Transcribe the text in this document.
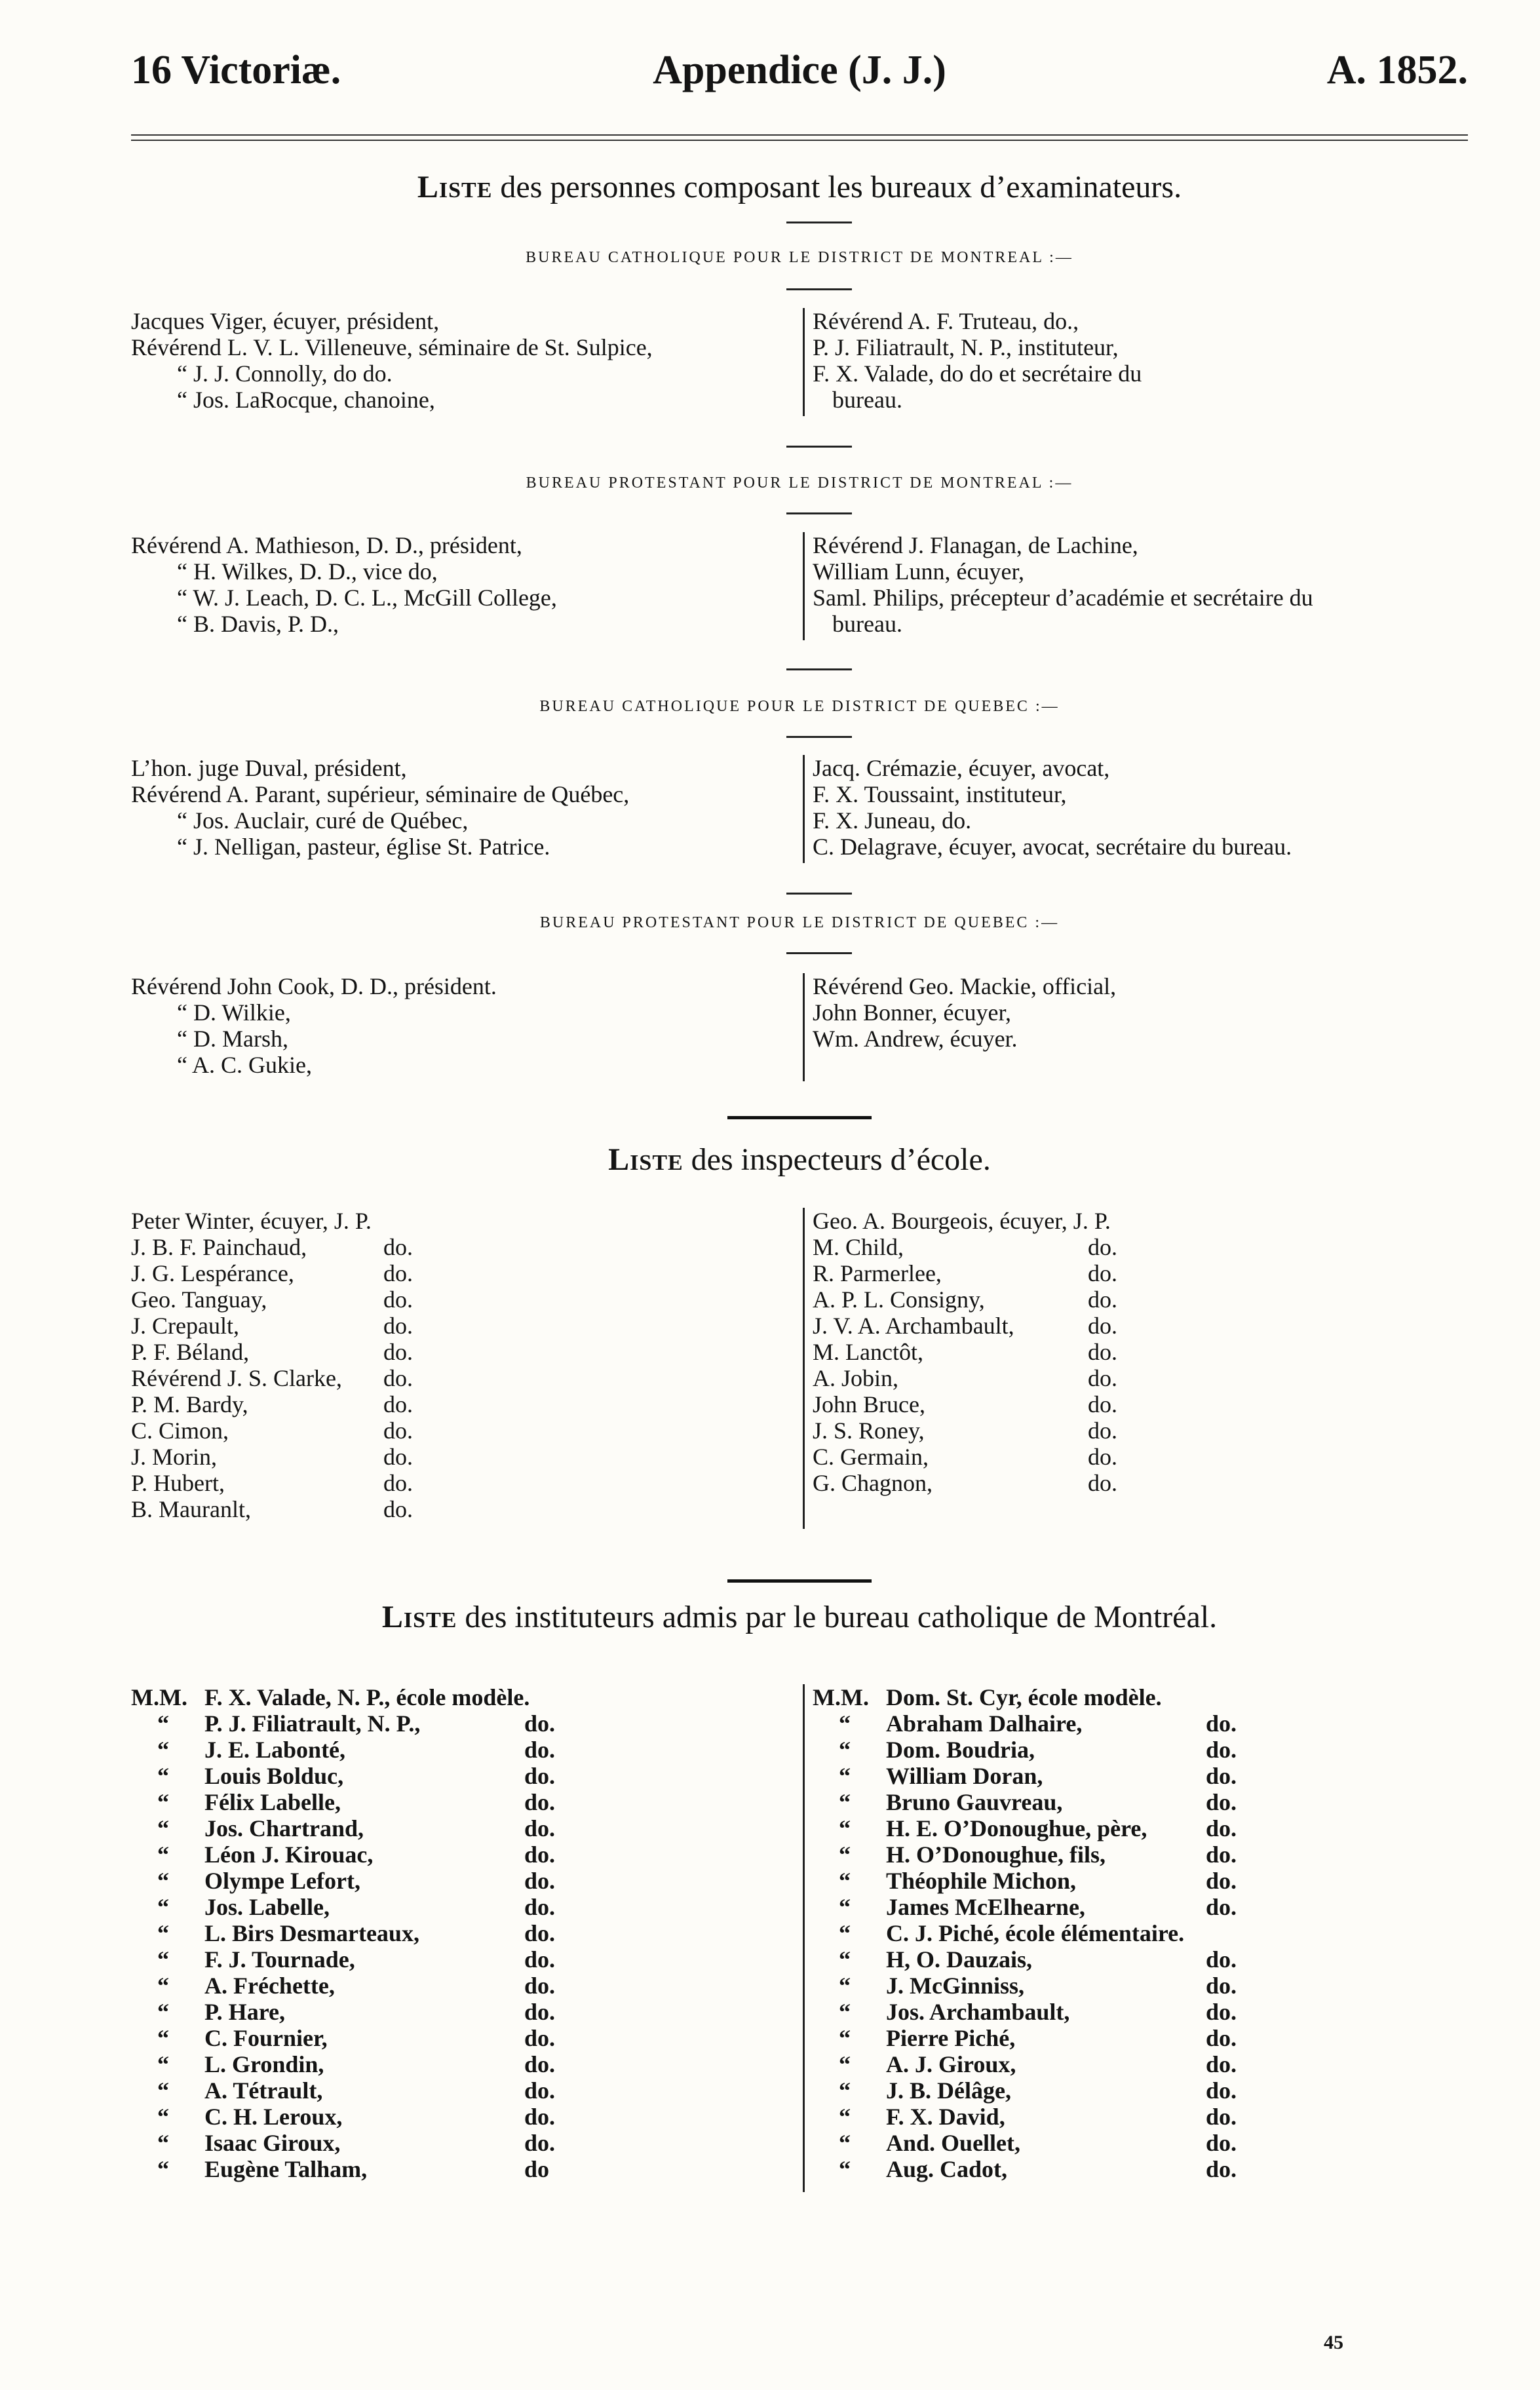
16 Victoriæ.	Appendice (J. J.)	A. 1852.
Liste des personnes composant les bureaux d’examinateurs.
BUREAU CATHOLIQUE POUR LE DISTRICT DE MONTREAL :—
Jacques Viger, écuyer, président,
Révérend L. V. L. Villeneuve, séminaire de St. Sulpice,
“ J. J. Connolly, do do.
“ Jos. LaRocque, chanoine,
Révérend A. F. Truteau, do.,
P. J. Filiatrault, N. P., instituteur,
F. X. Valade, do do et secrétaire du
bureau.
BUREAU PROTESTANT POUR LE DISTRICT DE MONTREAL :—
Révérend A. Mathieson, D. D., président,
“ H. Wilkes, D. D., vice do,
“ W. J. Leach, D. C. L., McGill College,
“ B. Davis, P. D.,
Révérend J. Flanagan, de Lachine,
William Lunn, écuyer,
Saml. Philips, précepteur d’académie et secrétaire du
bureau.
BUREAU CATHOLIQUE POUR LE DISTRICT DE QUEBEC :—
L’hon. juge Duval, président,
Révérend A. Parant, supérieur, séminaire de Québec,
“ Jos. Auclair, curé de Québec,
“ J. Nelligan, pasteur, église St. Patrice.
Jacq. Crémazie, écuyer, avocat,
F. X. Toussaint, instituteur,
F. X. Juneau, do.
C. Delagrave, écuyer, avocat, secrétaire du bureau.
BUREAU PROTESTANT POUR LE DISTRICT DE QUEBEC :—
Révérend John Cook, D. D., président.
“ D. Wilkie,
“ D. Marsh,
“ A. C. Gukie,
Révérend Geo. Mackie, official,
John Bonner, écuyer,
Wm. Andrew, écuyer.
Liste des inspecteurs d’école.
Peter Winter, écuyer, J. P.
J. B. F. Painchaud,	do.
J. G. Lespérance,	do.
Geo. Tanguay,	do.
J. Crepault,	do.
P. F. Béland,	do.
Révérend J. S. Clarke, do.
P. M. Bardy,	do.
C. Cimon,	do.
J. Morin,	do.
P. Hubert,	do.
B. Mauranlt,	do.
Geo. A. Bourgeois, écuyer, J. P.
M. Child,	do.
R. Parmerlee,	do.
A. P. L. Consigny,	do.
J. V. A. Archambault,	do.
M. Lanctôt,	do.
A. Jobin,	do.
John Bruce,	do.
J. S. Roney,	do.
C. Germain,	do.
G. Chagnon,	do.
Liste des instituteurs admis par le bureau catholique de Montréal.
M.M. F. X. Valade, N. P., école modèle.
“ P. J. Filiatrault, N. P.,	do.
“ J. E. Labonté,	do.
“ Louis Bolduc,	do.
“ Félix Labelle,	do.
“ Jos. Chartrand,	do.
“ Léon J. Kirouac,	do.
“ Olympe Lefort,	do.
“ Jos. Labelle,	do.
“ L. Birs Desmarteaux,	do.
“ F. J. Tournade,	do.
“ A. Fréchette,	do.
“ P. Hare,	do.
“ C. Fournier,	do.
“ L. Grondin,	do.
“ A. Tétrault,	do.
“ C. H. Leroux,	do.
“ Isaac Giroux,	do.
“ Eugène Talham,	do
M.M. Dom. St. Cyr, école modèle.
“ Abraham Dalhaire,	do.
“ Dom. Boudria,	do.
“ William Doran,	do.
“ Bruno Gauvreau,	do.
“ H. E. O’Donoughue, père, do.
“ H. O’Donoughue, fils,	do.
“ Théophile Michon,	do.
“ James McElhearne,	do.
“ C. J. Piché, école élémentaire.
“ H, O. Dauzais,	do.
“ J. McGinniss,	do.
“ Jos. Archambault,	do.
“ Pierre Piché,	do.
“ A. J. Giroux,	do.
“ J. B. Délâge,	do.
“ F. X. David,	do.
“ And. Ouellet,	do.
“ Aug. Cadot,	do.
45
